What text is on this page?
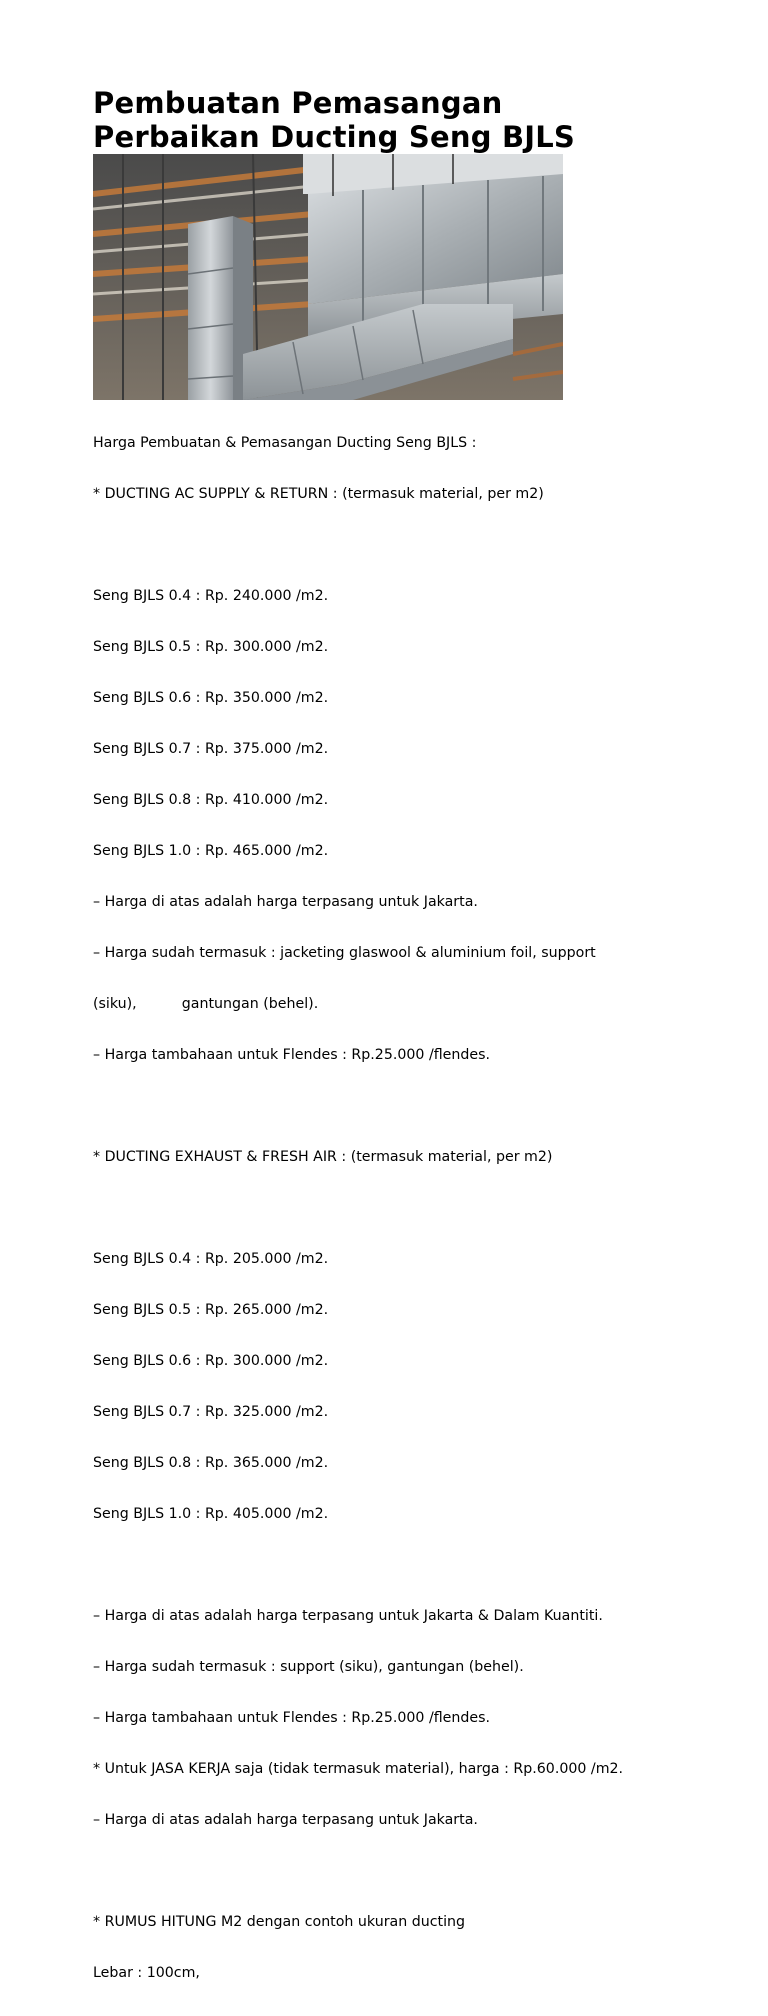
Pembuatan Pemasangan
Perbaikan Ducting Seng BJLS

Harga Pembuatan & Pemasangan Ducting Seng BJLS :

* DUCTING AC SUPPLY & RETURN : (termasuk material, per m2)

Seng BJLS 0.4 : Rp. 240.000 /m2.

Seng BJLS 0.5 : Rp. 300.000 /m2.

Seng BJLS 0.6 : Rp. 350.000 /m2.

Seng BJLS 0.7 : Rp. 375.000 /m2.

Seng BJLS 0.8 : Rp. 410.000 /m2.

Seng BJLS 1.0 : Rp. 465.000 /m2.

– Harga di atas adalah harga terpasang untuk Jakarta.

– Harga sudah termasuk : jacketing glaswool & aluminium foil, support

(siku),          gantungan (behel).

– Harga tambahaan untuk Flendes : Rp.25.000 /flendes.

* DUCTING EXHAUST & FRESH AIR : (termasuk material, per m2)

Seng BJLS 0.4 : Rp. 205.000 /m2.

Seng BJLS 0.5 : Rp. 265.000 /m2.

Seng BJLS 0.6 : Rp. 300.000 /m2.

Seng BJLS 0.7 : Rp. 325.000 /m2.

Seng BJLS 0.8 : Rp. 365.000 /m2.

Seng BJLS 1.0 : Rp. 405.000 /m2.

– Harga di atas adalah harga terpasang untuk Jakarta & Dalam Kuantiti.

– Harga sudah termasuk : support (siku), gantungan (behel).

– Harga tambahaan untuk Flendes : Rp.25.000 /flendes.

* Untuk JASA KERJA saja (tidak termasuk material), harga : Rp.60.000 /m2.

– Harga di atas adalah harga terpasang untuk Jakarta.

* RUMUS HITUNG M2 dengan contoh ukuran ducting

Lebar : 100cm,
